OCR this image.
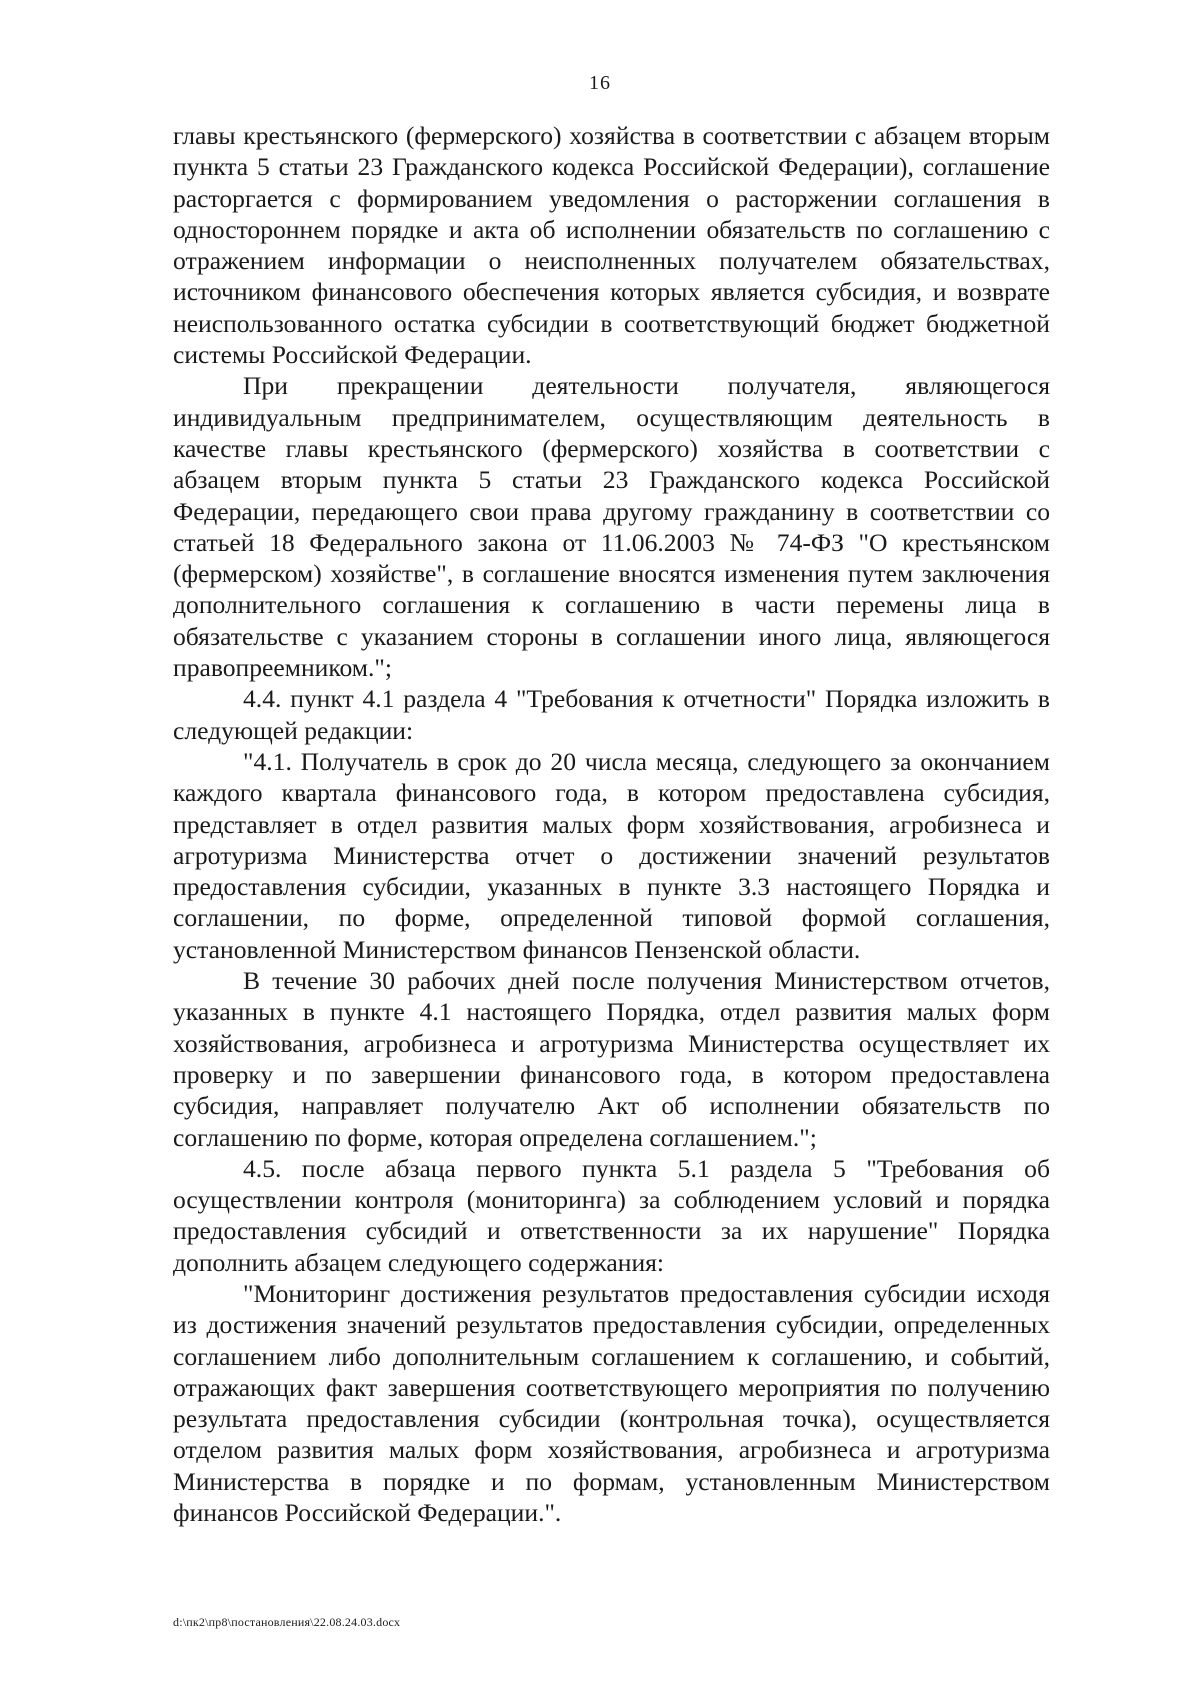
16

главы крестьянского (фермерского) хозяйства в соответствии с абзацем вторым пункта 5 статьи 23 Гражданского кодекса Российской Федерации), соглашение расторгается с формированием уведомления о расторжении соглашения в одностороннем порядке и акта об исполнении обязательств по соглашению с отражением информации о неисполненных получателем обязательствах, источником финансового обеспечения которых является субсидия, и возврате неиспользованного остатка субсидии в соответствующий бюджет бюджетной системы Российской Федерации.

При прекращении деятельности получателя, являющегося индивидуальным предпринимателем, осуществляющим деятельность в качестве главы крестьянского (фермерского) хозяйства в соответствии с абзацем вторым пункта 5 статьи 23 Гражданского кодекса Российской Федерации, передающего свои права другому гражданину в соответствии со статьей 18 Федерального закона от 11.06.2003 № 74-ФЗ "О крестьянском (фермерском) хозяйстве", в соглашение вносятся изменения путем заключения дополнительного соглашения к соглашению в части перемены лица в обязательстве с указанием стороны в соглашении иного лица, являющегося правопреемником.";

4.4. пункт 4.1 раздела 4 "Требования к отчетности" Порядка изложить в следующей редакции:

"4.1. Получатель в срок до 20 числа месяца, следующего за окончанием каждого квартала финансового года, в котором предоставлена субсидия, представляет в отдел развития малых форм хозяйствования, агробизнеса и агротуризма Министерства отчет о достижении значений результатов предоставления субсидии, указанных в пункте 3.3 настоящего Порядка и соглашении, по форме, определенной типовой формой соглашения, установленной Министерством финансов Пензенской области.

В течение 30 рабочих дней после получения Министерством отчетов, указанных в пункте 4.1 настоящего Порядка, отдел развития малых форм хозяйствования, агробизнеса и агротуризма Министерства осуществляет их проверку и по завершении финансового года, в котором предоставлена субсидия, направляет получателю Акт об исполнении обязательств по соглашению по форме, которая определена соглашением.";

4.5. после абзаца первого пункта 5.1 раздела 5 "Требования об осуществлении контроля (мониторинга) за соблюдением условий и порядка предоставления субсидий и ответственности за их нарушение" Порядка дополнить абзацем следующего содержания:

"Мониторинг достижения результатов предоставления субсидии исходя из достижения значений результатов предоставления субсидии, определенных соглашением либо дополнительным соглашением к соглашению, и событий, отражающих факт завершения соответствующего мероприятия по получению результата предоставления субсидии (контрольная точка), осуществляется отделом развития малых форм хозяйствования, агробизнеса и агротуризма Министерства в порядке и по формам, установленным Министерством финансов Российской Федерации.".

d:\пк2\пр8\постановления\22.08.24.03.docx
